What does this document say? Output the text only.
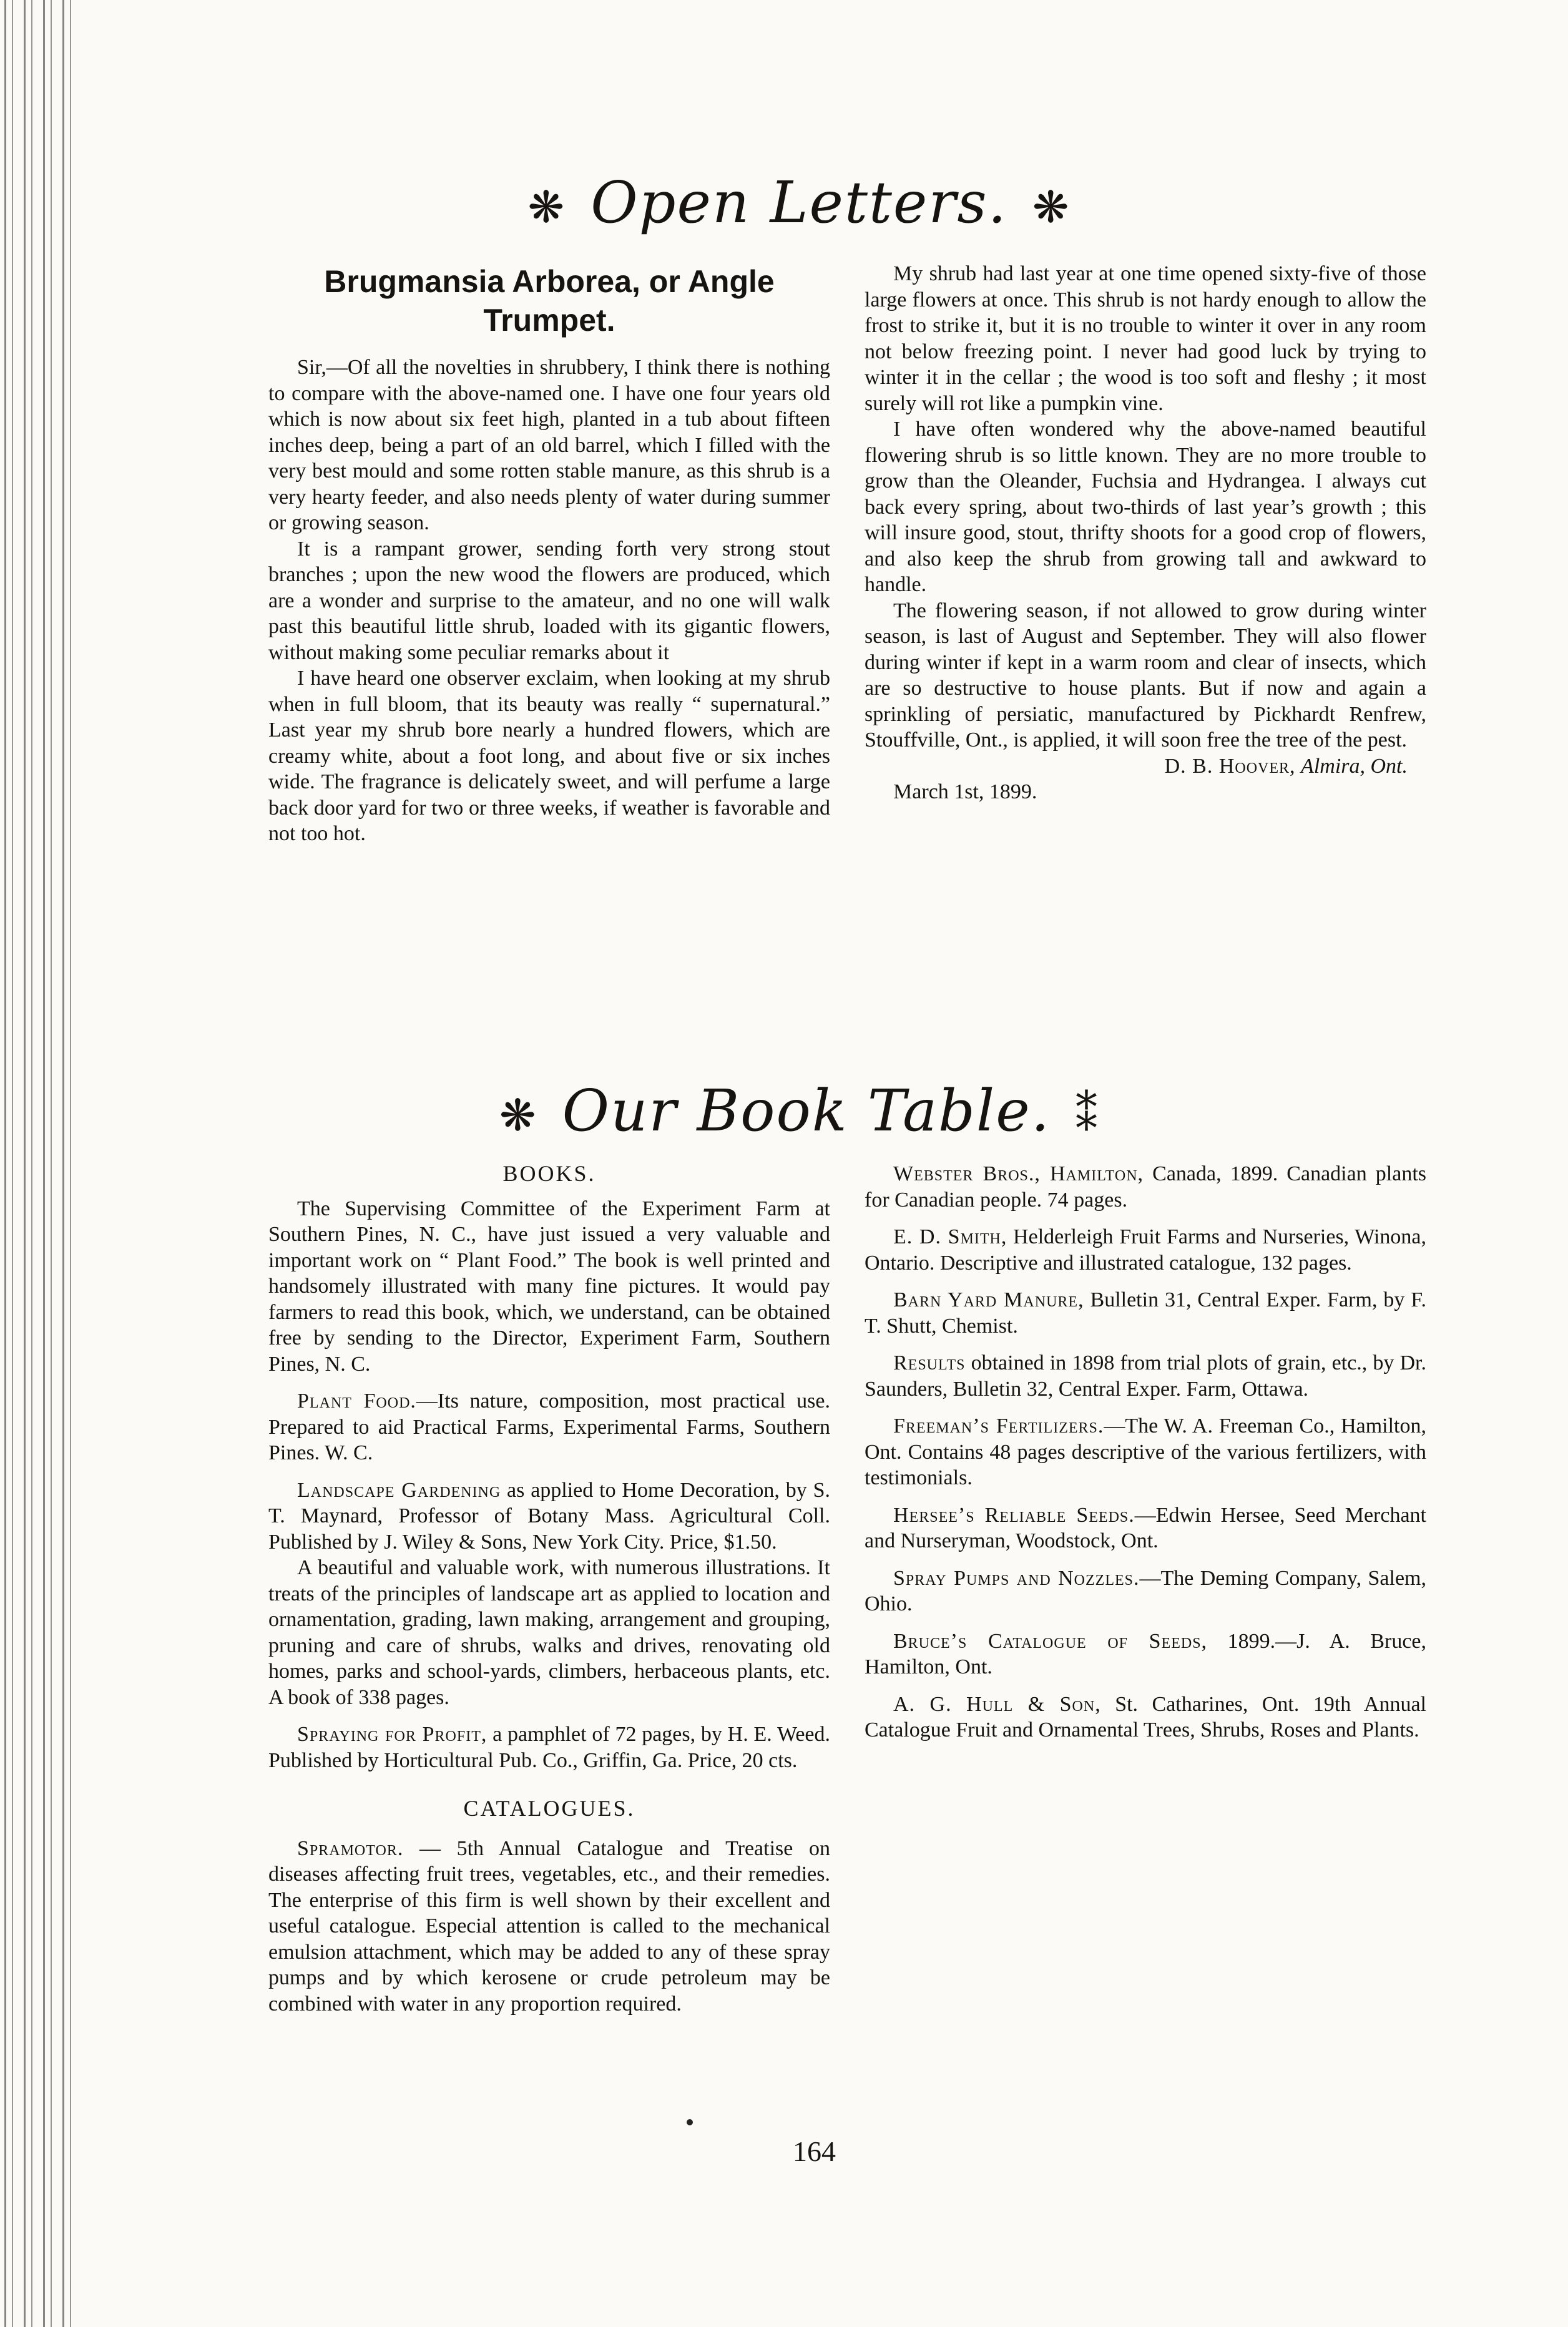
❋ Open Letters. ❋
Brugmansia Arborea, or Angle Trumpet.

Sir,—Of all the novelties in shrubbery, I think there is nothing to compare with the above-named one. I have one four years old which is now about six feet high, planted in a tub about fifteen inches deep, being a part of an old barrel, which I filled with the very best mould and some rotten stable manure, as this shrub is a very hearty feeder, and also needs plenty of water during summer or growing season.

It is a rampant grower, sending forth very strong stout branches ; upon the new wood the flowers are produced, which are a wonder and surprise to the amateur, and no one will walk past this beautiful little shrub, loaded with its gigantic flowers, without making some peculiar remarks about it

I have heard one observer exclaim, when looking at my shrub when in full bloom, that its beauty was really “ supernatural.” Last year my shrub bore nearly a hundred flowers, which are creamy white, about a foot long, and about five or six inches wide. The fragrance is delicately sweet, and will perfume a large back door yard for two or three weeks, if weather is favorable and not too hot.

My shrub had last year at one time opened sixty-five of those large flowers at once. This shrub is not hardy enough to allow the frost to strike it, but it is no trouble to winter it over in any room not below freezing point. I never had good luck by trying to winter it in the cellar ; the wood is too soft and fleshy ; it most surely will rot like a pumpkin vine.

I have often wondered why the above-named beautiful flowering shrub is so little known. They are no more trouble to grow than the Oleander, Fuchsia and Hydrangea. I always cut back every spring, about two-thirds of last year’s growth ; this will insure good, stout, thrifty shoots for a good crop of flowers, and also keep the shrub from growing tall and awkward to handle.

The flowering season, if not allowed to grow during winter season, is last of August and September. They will also flower during winter if kept in a warm room and clear of insects, which are so destructive to house plants. But if now and again a sprinkling of persiatic, manufactured by Pickhardt Renfrew, Stouffville, Ont., is applied, it will soon free the tree of the pest.

D. B. Hoover, Almira, Ont.

March 1st, 1899.

❋ Our Book Table. ⁑
BOOKS.

The Supervising Committee of the Experiment Farm at Southern Pines, N. C., have just issued a very valuable and important work on “ Plant Food.” The book is well printed and handsomely illustrated with many fine pictures. It would pay farmers to read this book, which, we understand, can be obtained free by sending to the Director, Experiment Farm, Southern Pines, N. C.

Plant Food.—Its nature, composition, most practical use. Prepared to aid Practical Farms, Experimental Farms, Southern Pines. W. C.

Landscape Gardening as applied to Home Decoration, by S. T. Maynard, Professor of Botany Mass. Agricultural Coll. Published by J. Wiley & Sons, New York City. Price, $1.50.

A beautiful and valuable work, with numerous illustrations. It treats of the principles of landscape art as applied to location and ornamentation, grading, lawn making, arrangement and grouping, pruning and care of shrubs, walks and drives, renovating old homes, parks and school-yards, climbers, herbaceous plants, etc. A book of 338 pages.

Spraying for Profit, a pamphlet of 72 pages, by H. E. Weed. Published by Horticultural Pub. Co., Griffin, Ga. Price, 20 cts.

CATALOGUES.

Spramotor. — 5th Annual Catalogue and Treatise on diseases affecting fruit trees, vegetables, etc., and their remedies. The enterprise of this firm is well shown by their excellent and useful catalogue. Especial attention is called to the mechanical emulsion attachment, which may be added to any of these spray pumps and by which kerosene or crude petroleum may be combined with water in any proportion required.

Webster Bros., Hamilton, Canada, 1899. Canadian plants for Canadian people. 74 pages.

E. D. Smith, Helderleigh Fruit Farms and Nurseries, Winona, Ontario. Descriptive and illustrated catalogue, 132 pages.

Barn Yard Manure, Bulletin 31, Central Exper. Farm, by F. T. Shutt, Chemist.

Results obtained in 1898 from trial plots of grain, etc., by Dr. Saunders, Bulletin 32, Central Exper. Farm, Ottawa.

Freeman’s Fertilizers.—The W. A. Freeman Co., Hamilton, Ont. Contains 48 pages descriptive of the various fertilizers, with testimonials.

Hersee’s Reliable Seeds.—Edwin Hersee, Seed Merchant and Nurseryman, Woodstock, Ont.

Spray Pumps and Nozzles.—The Deming Company, Salem, Ohio.

Bruce’s Catalogue of Seeds, 1899.—J. A. Bruce, Hamilton, Ont.

A. G. Hull & Son, St. Catharines, Ont. 19th Annual Catalogue Fruit and Ornamental Trees, Shrubs, Roses and Plants.

164
